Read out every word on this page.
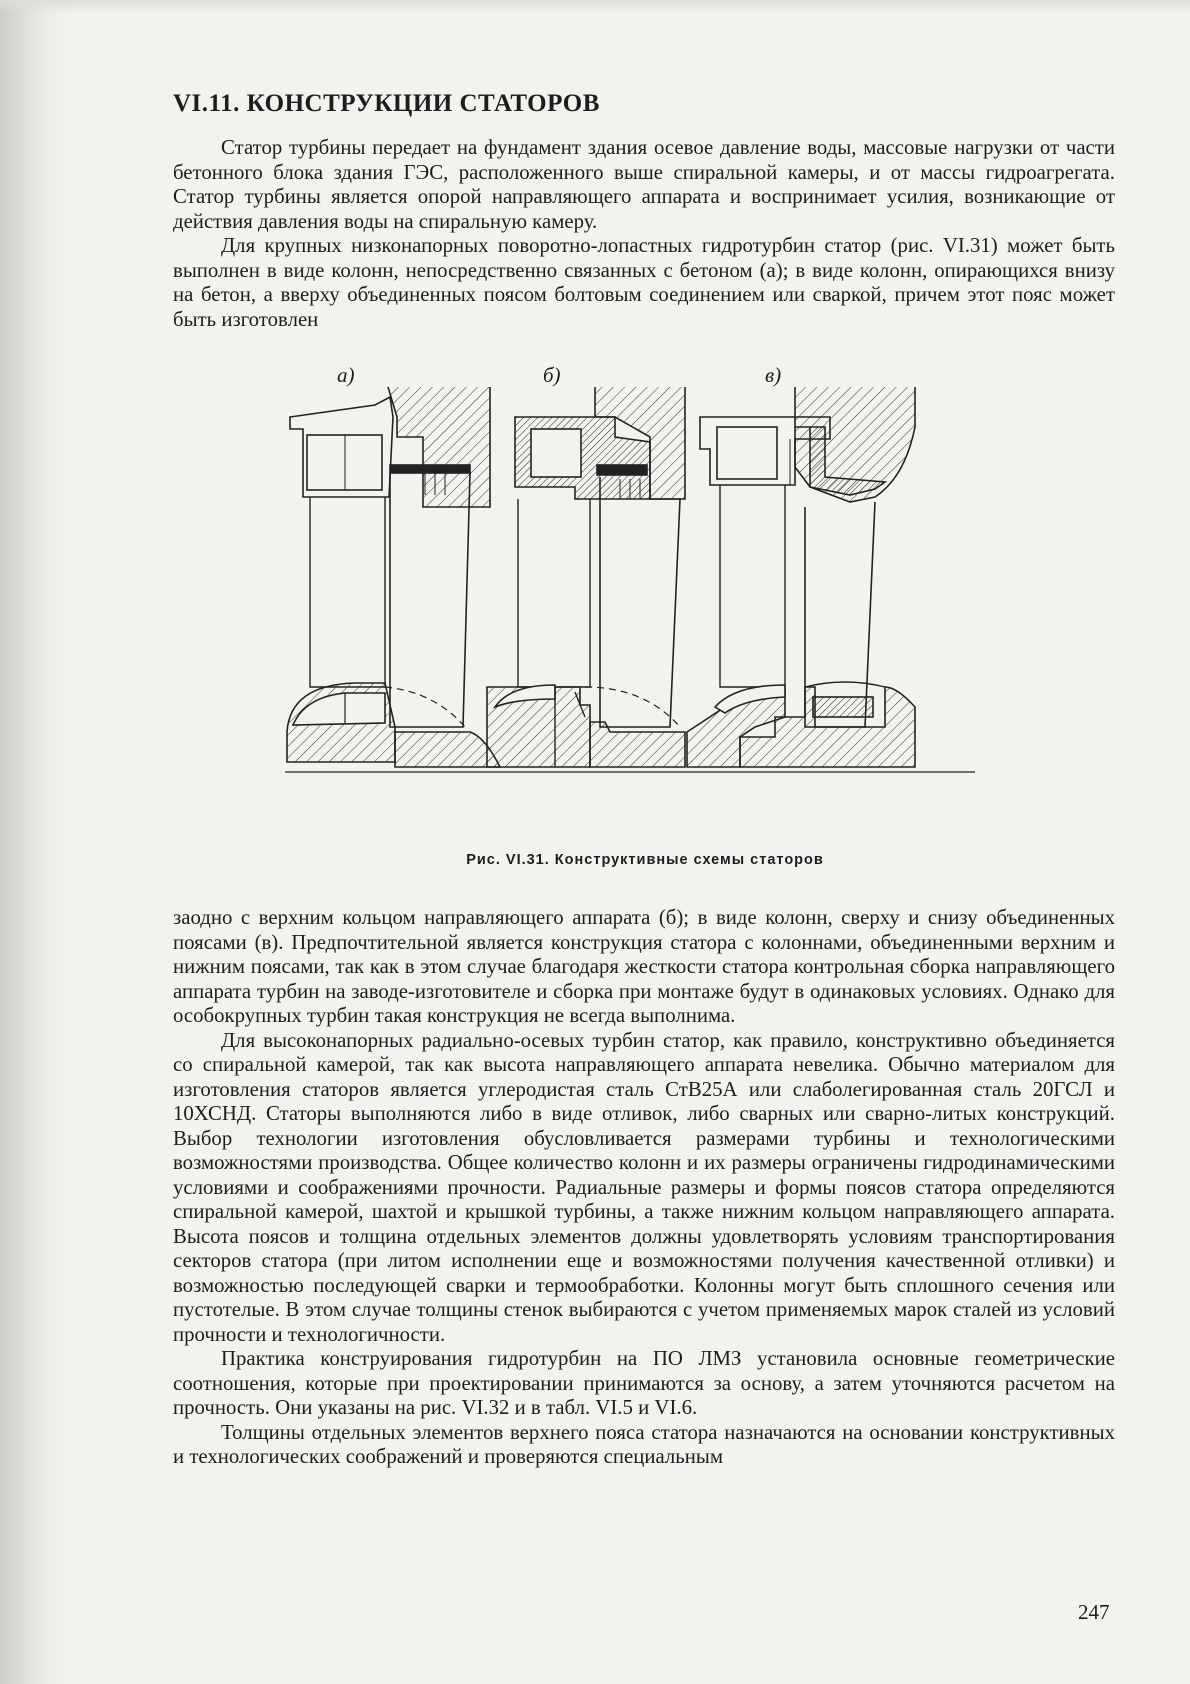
VI.11. КОНСТРУКЦИИ СТАТОРОВ

Статор турбины передает на фундамент здания осевое давление воды, массовые нагрузки от части бетонного блока здания ГЭС, расположенного выше спиральной камеры, и от массы гидроагрегата. Статор турбины является опорой направляющего аппарата и воспринимает усилия, возникающие от действия давления воды на спиральную камеру.

Для крупных низконапорных поворотно-лопастных гидротурбин статор (рис. VI.31) может быть выполнен в виде колонн, непосредственно связанных с бетоном (а); в виде колонн, опирающихся внизу на бетон, а вверху объединенных поясом болтовым соединением или сваркой, причем этот пояс может быть изготовлен

а)	б)	в)
Рис. VI.31. Конструктивные схемы статоров

заодно с верхним кольцом направляющего аппарата (б); в виде колонн, сверху и снизу объединенных поясами (в). Предпочтительной является конструкция статора с колоннами, объединенными верхним и нижним поясами, так как в этом случае благодаря жесткости статора контрольная сборка направляющего аппарата турбин на заводе-изготовителе и сборка при монтаже будут в одинаковых условиях. Однако для особокрупных турбин такая конструкция не всегда выполнима.

Для высоконапорных радиально-осевых турбин статор, как правило, конструктивно объединяется со спиральной камерой, так как высота направляющего аппарата невелика. Обычно материалом для изготовления статоров является углеродистая сталь СтВ25А или слаболегированная сталь 20ГСЛ и 10ХСНД. Статоры выполняются либо в виде отливок, либо сварных или сварно-литых конструкций. Выбор технологии изготовления обусловливается размерами турбины и технологическими возможностями производства. Общее количество колонн и их размеры ограничены гидродинамическими условиями и соображениями прочности. Радиальные размеры и формы поясов статора определяются спиральной камерой, шахтой и крышкой турбины, а также нижним кольцом направляющего аппарата. Высота поясов и толщина отдельных элементов должны удовлетворять условиям транспортирования секторов статора (при литом исполнении еще и возможностями получения качественной отливки) и возможностью последующей сварки и термообработки. Колонны могут быть сплошного сечения или пустотелые. В этом случае толщины стенок выбираются с учетом применяемых марок сталей из условий прочности и технологичности.

Практика конструирования гидротурбин на ПО ЛМЗ установила основные геометрические соотношения, которые при проектировании принимаются за основу, а затем уточняются расчетом на прочность. Они указаны на рис. VI.32 и в табл. VI.5 и VI.6.

Толщины отдельных элементов верхнего пояса статора назначаются на основании конструктивных и технологических соображений и проверяются специальным

247
